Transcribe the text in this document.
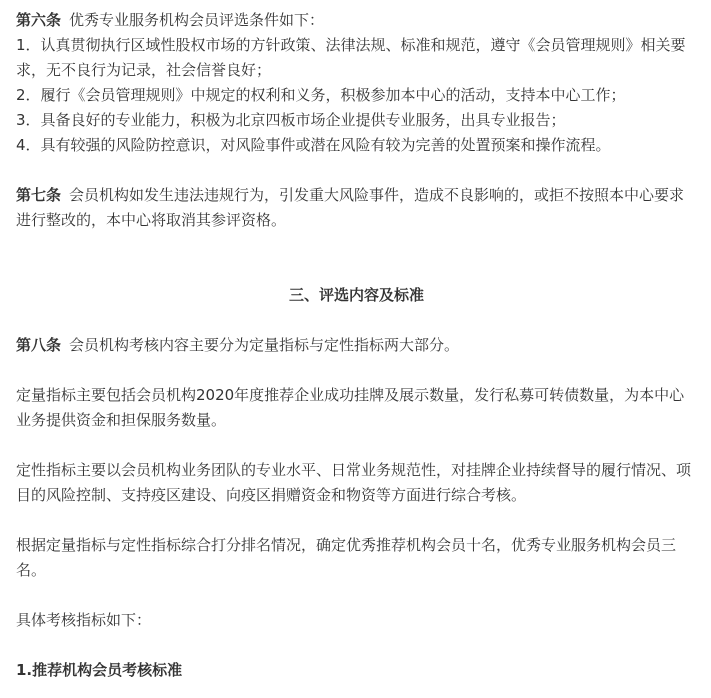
第六条 优秀专业服务机构会员评选条件如下：

1．认真贯彻执行区域性股权市场的方针政策、法律法规、标准和规范，遵守《会员管理规则》相关要求，无不良行为记录，社会信誉良好；

2．履行《会员管理规则》中规定的权利和义务，积极参加本中心的活动，支持本中心工作；

3．具备良好的专业能力，积极为北京四板市场企业提供专业服务，出具专业报告；

4．具有较强的风险防控意识，对风险事件或潜在风险有较为完善的处置预案和操作流程。

第七条 会员机构如发生违法违规行为，引发重大风险事件，造成不良影响的，或拒不按照本中心要求进行整改的，本中心将取消其参评资格。

三、评选内容及标准

第八条 会员机构考核内容主要分为定量指标与定性指标两大部分。

定量指标主要包括会员机构2020年度推荐企业成功挂牌及展示数量，发行私募可转债数量，为本中心业务提供资金和担保服务数量。

定性指标主要以会员机构业务团队的专业水平、日常业务规范性，对挂牌企业持续督导的履行情况、项目的风险控制、支持疫区建设、向疫区捐赠资金和物资等方面进行综合考核。

根据定量指标与定性指标综合打分排名情况，确定优秀推荐机构会员十名，优秀专业服务机构会员三名。

具体考核指标如下：

1.推荐机构会员考核标准
